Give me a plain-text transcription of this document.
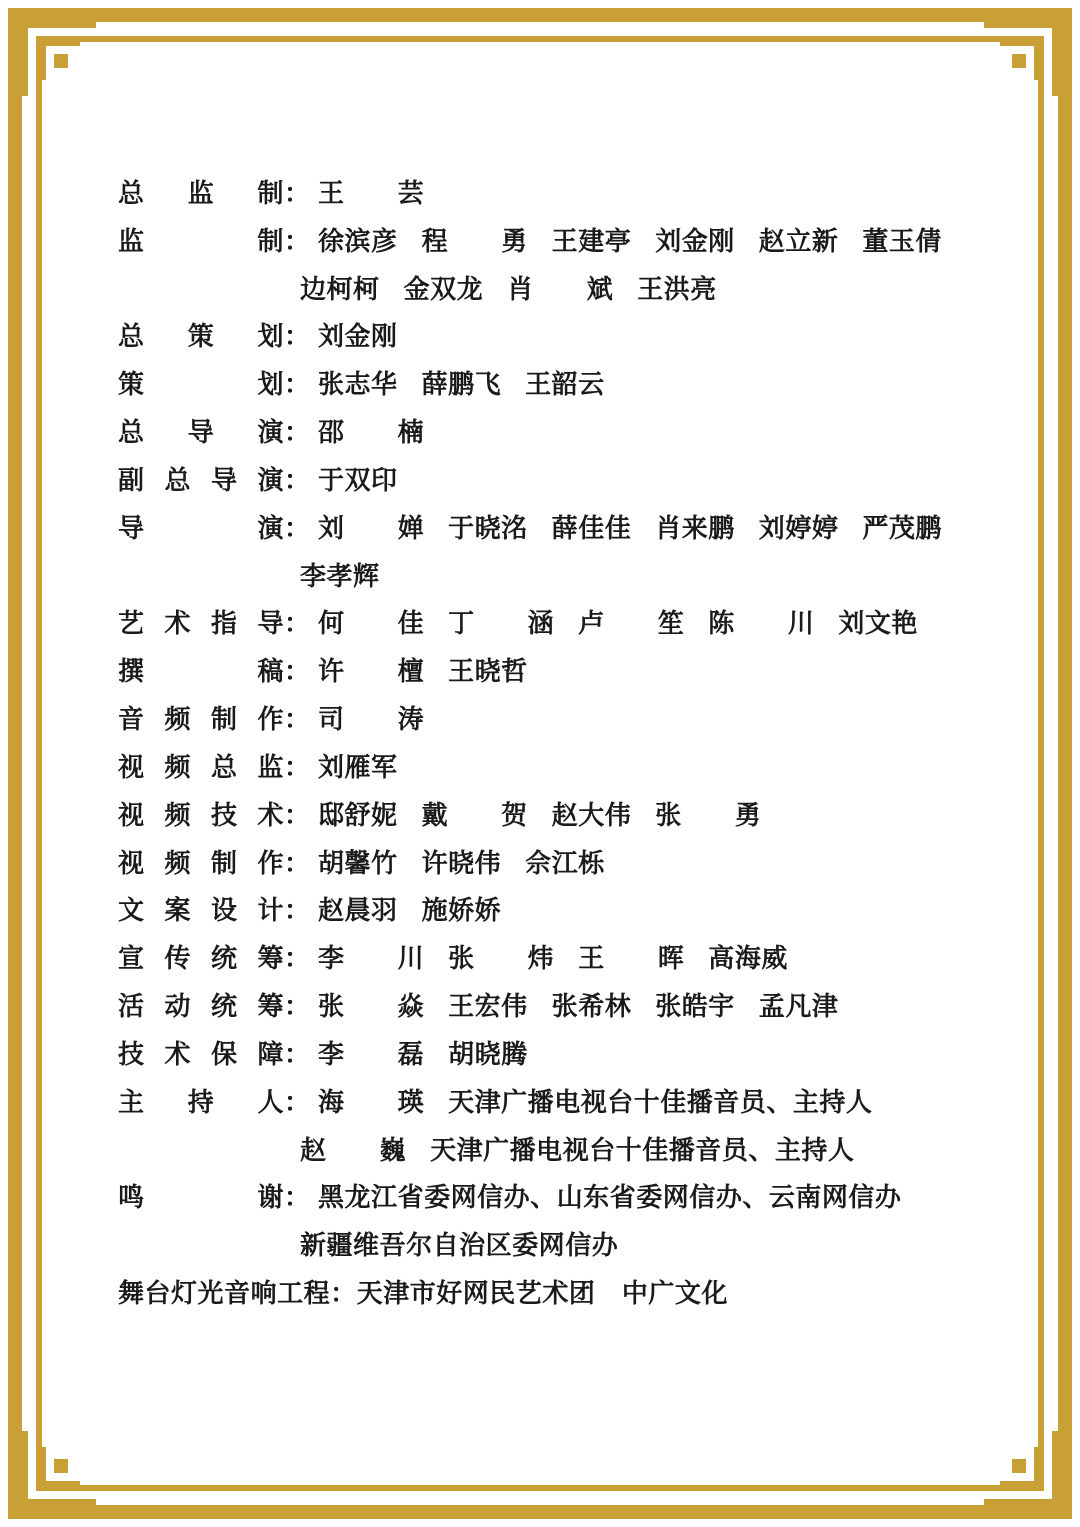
总 监 制 ： 王　　芸
监　　制 ： 徐滨彦 程　　勇 王建亭 刘金刚 赵立新 董玉倩
边柯柯 金双龙 肖　　斌 王洪亮
总 策 划 ： 刘金刚
策　　划 ： 张志华 薛鹏飞 王韶云
总 导 演 ： 邵　　楠
副总导演 ： 于双印
导　　演 ： 刘　　婵 于晓洺 薛佳佳 肖来鹏 刘婷婷 严茂鹏
李孝辉
艺术指导 ： 何　　佳 丁　　涵 卢　　笙 陈　　川 刘文艳
撰　　稿 ： 许　　檀 王晓哲
音频制作 ： 司　　涛
视频总监 ： 刘雁军
视频技术 ： 邸舒妮 戴　　贺 赵大伟 张　　勇
视频制作 ： 胡馨竹 许晓伟 佘江栎
文案设计 ： 赵晨羽 施娇娇
宣传统筹 ： 李　　川 张　　炜 王　　晖 高海威
活动统筹 ： 张　　焱 王宏伟 张希林 张皓宇 孟凡津
技术保障 ： 李　　磊 胡晓腾
主 持 人 ： 海　　瑛 天津广播电视台十佳播音员、主持人
赵　　巍 天津广播电视台十佳播音员、主持人
鸣　　谢 ： 黑龙江省委网信办、山东省委网信办、云南网信办
新疆维吾尔自治区委网信办
舞台灯光音响工程：天津市好网民艺术团　中广文化
